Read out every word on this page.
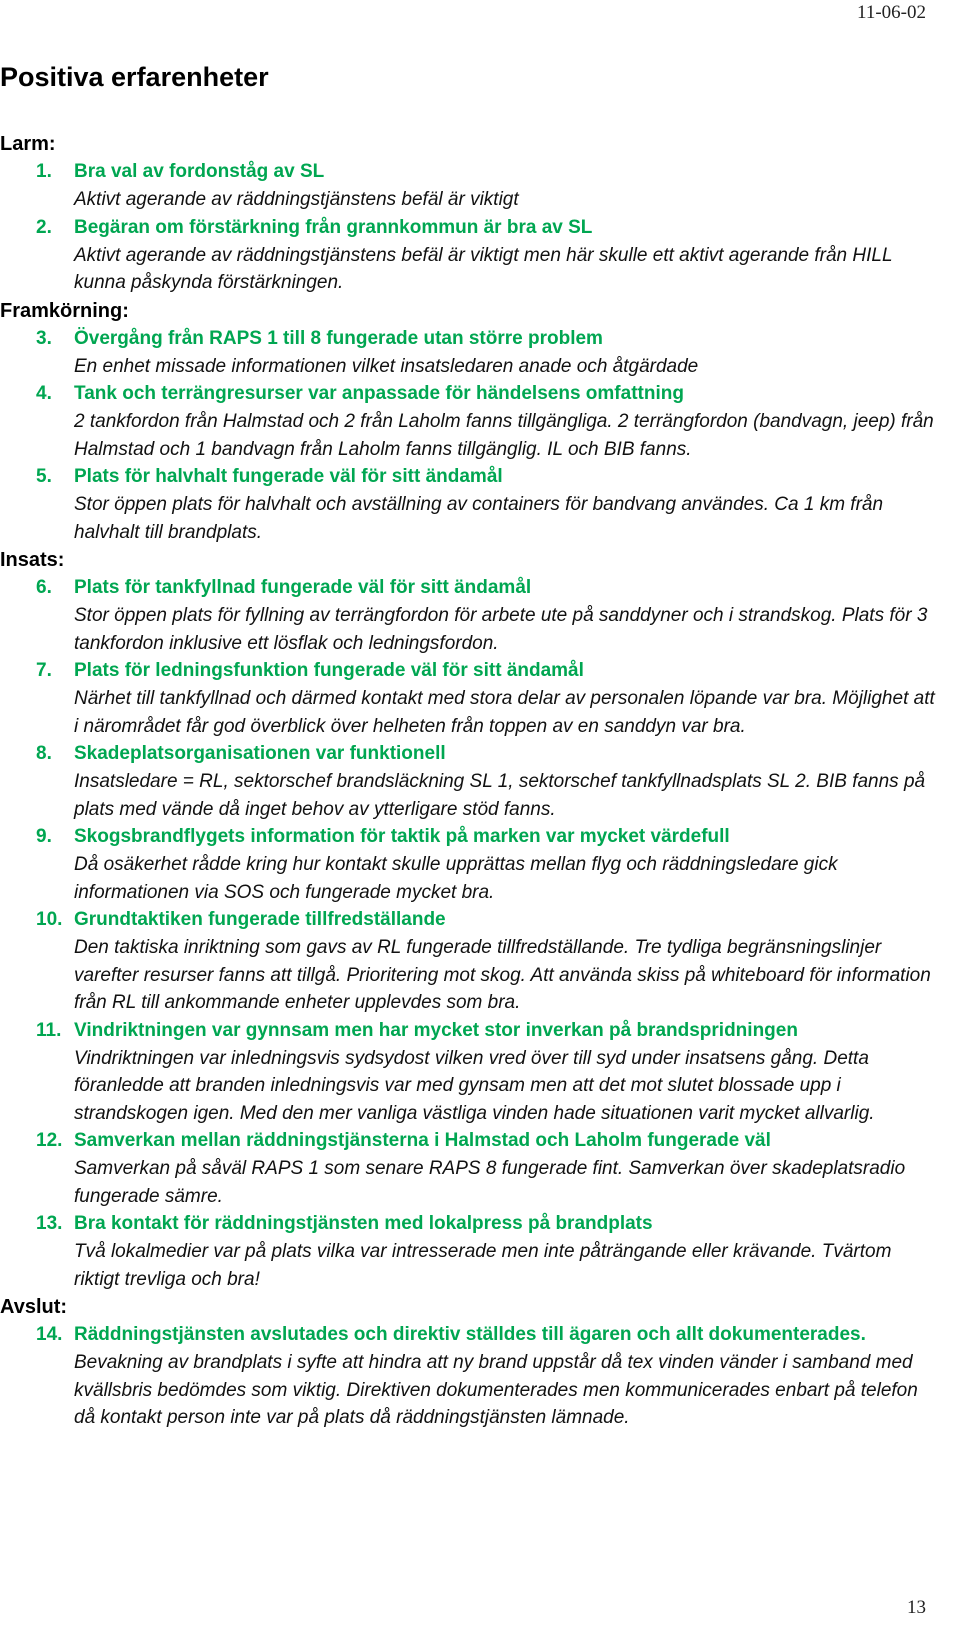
11-06-02
Positiva erfarenheter
Larm:
1.	Bra val av fordonståg av SL
Aktivt agerande av räddningstjänstens befäl är viktigt
2.	Begäran om förstärkning från grannkommun är bra av SL
Aktivt agerande av räddningstjänstens befäl är viktigt men här skulle ett aktivt agerande från HILL kunna påskynda förstärkningen.
Framkörning:
3.	Övergång från RAPS 1 till 8 fungerade utan större problem
En enhet missade informationen vilket insatsledaren anade och åtgärdade
4.	Tank och terrängresurser var anpassade för händelsens omfattning
2 tankfordon från Halmstad och 2 från Laholm fanns tillgängliga. 2 terrängfordon (bandvagn, jeep) från Halmstad och 1 bandvagn från Laholm fanns tillgänglig. IL och BIB fanns.
5.	Plats för halvhalt fungerade väl för sitt ändamål
Stor öppen plats för halvhalt och avställning av containers för bandvang användes. Ca 1 km från halvhalt till brandplats.
Insats:
6.	Plats för tankfyllnad fungerade väl för sitt ändamål
Stor öppen plats för fyllning av terrängfordon för arbete ute på sanddyner och i strandskog. Plats för 3 tankfordon inklusive ett lösflak och ledningsfordon.
7.	Plats för ledningsfunktion fungerade väl för sitt ändamål
Närhet till tankfyllnad och därmed kontakt med stora delar av personalen löpande var bra. Möjlighet att i närområdet får god överblick över helheten från toppen av en sanddyn var bra.
8.	Skadeplatsorganisationen var funktionell
Insatsledare = RL, sektorschef brandsläckning SL 1, sektorschef tankfyllnadsplats SL 2. BIB fanns på plats med vände då inget behov av ytterligare stöd fanns.
9.	Skogsbrandflygets information för taktik på marken var mycket värdefull
Då osäkerhet rådde kring hur kontakt skulle upprättas mellan flyg och räddningsledare gick informationen via SOS och fungerade mycket bra.
10. Grundtaktiken fungerade tillfredställande
Den taktiska inriktning som gavs av RL fungerade tillfredställande. Tre tydliga begränsningslinjer varefter resurser fanns att tillgå. Prioritering mot skog. Att använda skiss på whiteboard för information från RL till ankommande enheter upplevdes som bra.
11. Vindriktningen var gynnsam men har mycket stor inverkan på brandspridningen
Vindriktningen var inledningsvis sydsydost vilken vred över till syd under insatsens gång. Detta föranledde att branden inledningsvis var med gynsam men att det mot slutet blossade upp i strandskogen igen. Med den mer vanliga västliga vinden hade situationen varit mycket allvarlig.
12. Samverkan mellan räddningstjänsterna i Halmstad och Laholm fungerade väl
Samverkan på såväl RAPS 1 som senare RAPS 8 fungerade fint. Samverkan över skadeplatsradio fungerade sämre.
13. Bra kontakt för räddningstjänsten med lokalpress på brandplats
Två lokalmedier var på plats vilka var intresserade men inte påträngande eller krävande. Tvärtom riktigt trevliga och bra!
Avslut:
14. Räddningstjänsten avslutades och direktiv ställdes till ägaren och allt dokumenterades.
Bevakning av brandplats i syfte att hindra att ny brand uppstår då tex vinden vänder i samband med kvällsbris bedömdes som viktig. Direktiven dokumenterades men kommunicerades enbart på telefon då kontakt person inte var på plats då räddningstjänsten lämnade.
13
